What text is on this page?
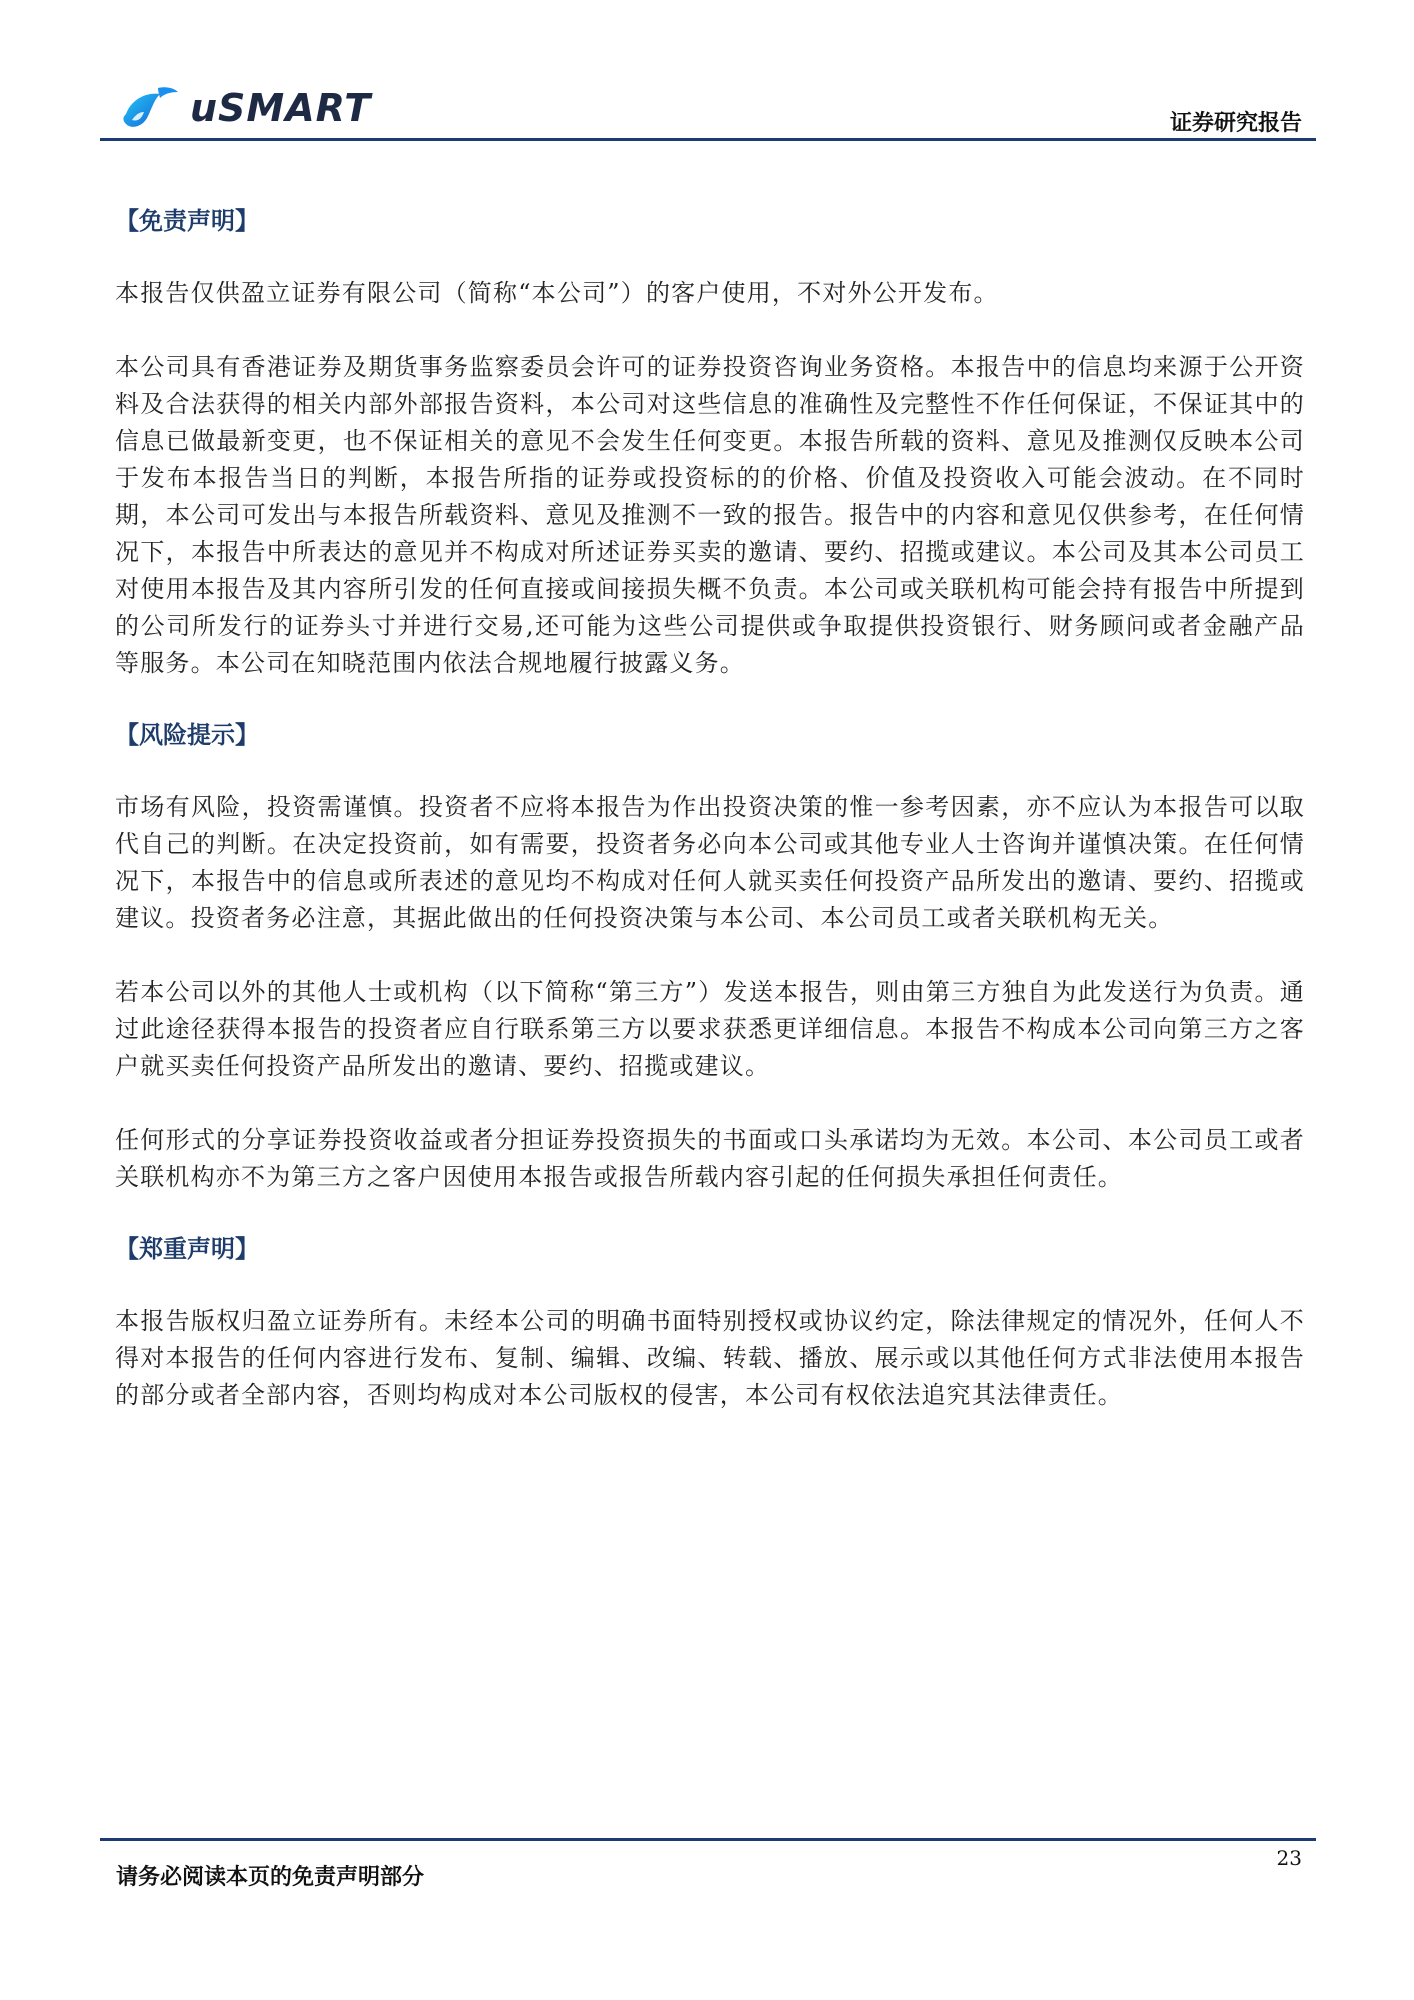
uSMART	证券研究报告
【免责声明】

本报告仅供盈立证券有限公司（简称“本公司”）的客户使用，不对外公开发布。

本公司具有香港证券及期货事务监察委员会许可的证券投资咨询业务资格。本报告中的信息均来源于公开资料及合法获得的相关内部外部报告资料，本公司对这些信息的准确性及完整性不作任何保证，不保证其中的信息已做最新变更，也不保证相关的意见不会发生任何变更。本报告所载的资料、意见及推测仅反映本公司于发布本报告当日的判断，本报告所指的证券或投资标的的价格、价值及投资收入可能会波动。在不同时期，本公司可发出与本报告所载资料、意见及推测不一致的报告。报告中的内容和意见仅供参考，在任何情况下，本报告中所表达的意见并不构成对所述证券买卖的邀请、要约、招揽或建议。本公司及其本公司员工对使用本报告及其内容所引发的任何直接或间接损失概不负责。本公司或关联机构可能会持有报告中所提到的公司所发行的证券头寸并进行交易,还可能为这些公司提供或争取提供投资银行、财务顾问或者金融产品等服务。本公司在知晓范围内依法合规地履行披露义务。

【风险提示】

市场有风险，投资需谨慎。投资者不应将本报告为作出投资决策的惟一参考因素，亦不应认为本报告可以取代自己的判断。在决定投资前，如有需要，投资者务必向本公司或其他专业人士咨询并谨慎决策。在任何情况下，本报告中的信息或所表述的意见均不构成对任何人就买卖任何投资产品所发出的邀请、要约、招揽或建议。投资者务必注意，其据此做出的任何投资决策与本公司、本公司员工或者关联机构无关。

若本公司以外的其他人士或机构（以下简称“第三方”）发送本报告，则由第三方独自为此发送行为负责。通过此途径获得本报告的投资者应自行联系第三方以要求获悉更详细信息。本报告不构成本公司向第三方之客户就买卖任何投资产品所发出的邀请、要约、招揽或建议。

任何形式的分享证券投资收益或者分担证券投资损失的书面或口头承诺均为无效。本公司、本公司员工或者关联机构亦不为第三方之客户因使用本报告或报告所载内容引起的任何损失承担任何责任。

【郑重声明】

本报告版权归盈立证券所有。未经本公司的明确书面特别授权或协议约定，除法律规定的情况外，任何人不得对本报告的任何内容进行发布、复制、编辑、改编、转载、播放、展示或以其他任何方式非法使用本报告的部分或者全部内容，否则均构成对本公司版权的侵害，本公司有权依法追究其法律责任。

请务必阅读本页的免责声明部分
23
